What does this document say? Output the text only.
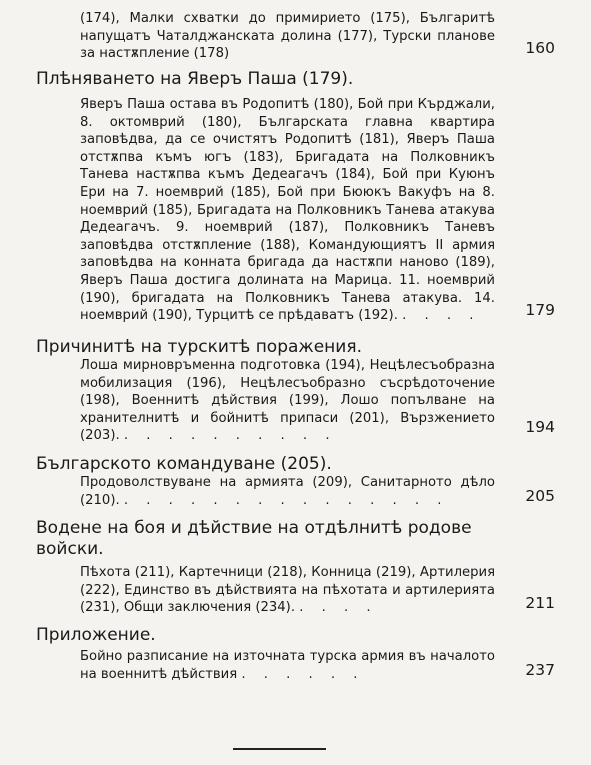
(174), Малки схватки до примирието (175), Българитѣ напущатъ Чаталджанската долина (177), Турски планове за настѫпление (178)	160
Плѣняването на Яверъ Паша (179).
Яверъ Паша остава въ Родопитѣ (180), Бой при Кърджали, 8. октомврий (180), Българската главна квартира заповѣдва, да се очистятъ Родопитѣ (181), Яверъ Паша отстѫпва къмъ югъ (183), Бригадата на Полковникъ Танева настѫпва къмъ Дедеагачъ (184), Бой при Куюнъ Ери на 7. ноемврий (185), Бой при Бююкъ Вакуфъ на 8. ноемврий (185), Бригадата на Полковникъ Танева атакува Дедеагачъ. 9. ноемврий (187), Полковникъ Таневъ заповѣдва отстѫпление (188), Командующиятъ II армия заповѣдва на конната бригада да настѫпи наново (189), Яверъ Паша достига долината на Марица. 11. ноемврий (190), бригадата на Полковникъ Танева атакува. 14. ноемврий (190), Турцитѣ се прѣдаватъ (192). . . . .	179
Причинитѣ на турскитѣ поражения.
Лоша мирновръменна подготовка (194), Нецѣлесъобразна мобилизация (196), Нецѣлесъобразно съсрѣдоточение (198), Военнитѣ дѣйствия (199), Лошо попълване на хранителнитѣ и бойнитѣ припаси (201), Вързжението (203). . . . . . . . . . .	194
Българското командуване (205).
Продоволствуване на армията (209), Санитарното дѣло (210). . . . . . . . . . . . . . . .	205
Водене на боя и дѣйствие на отдѣлнитѣ родове войски.
Пѣхота (211), Картечници (218), Конница (219), Артилерия (222), Единство въ дѣйствията на пѣхотата и артилерията (231), Общи заключения (234). . . . .	211
Приложение.
Бойно разписание на източната турска армия въ началото на военнитѣ дѣйствия . . . . . .	237
